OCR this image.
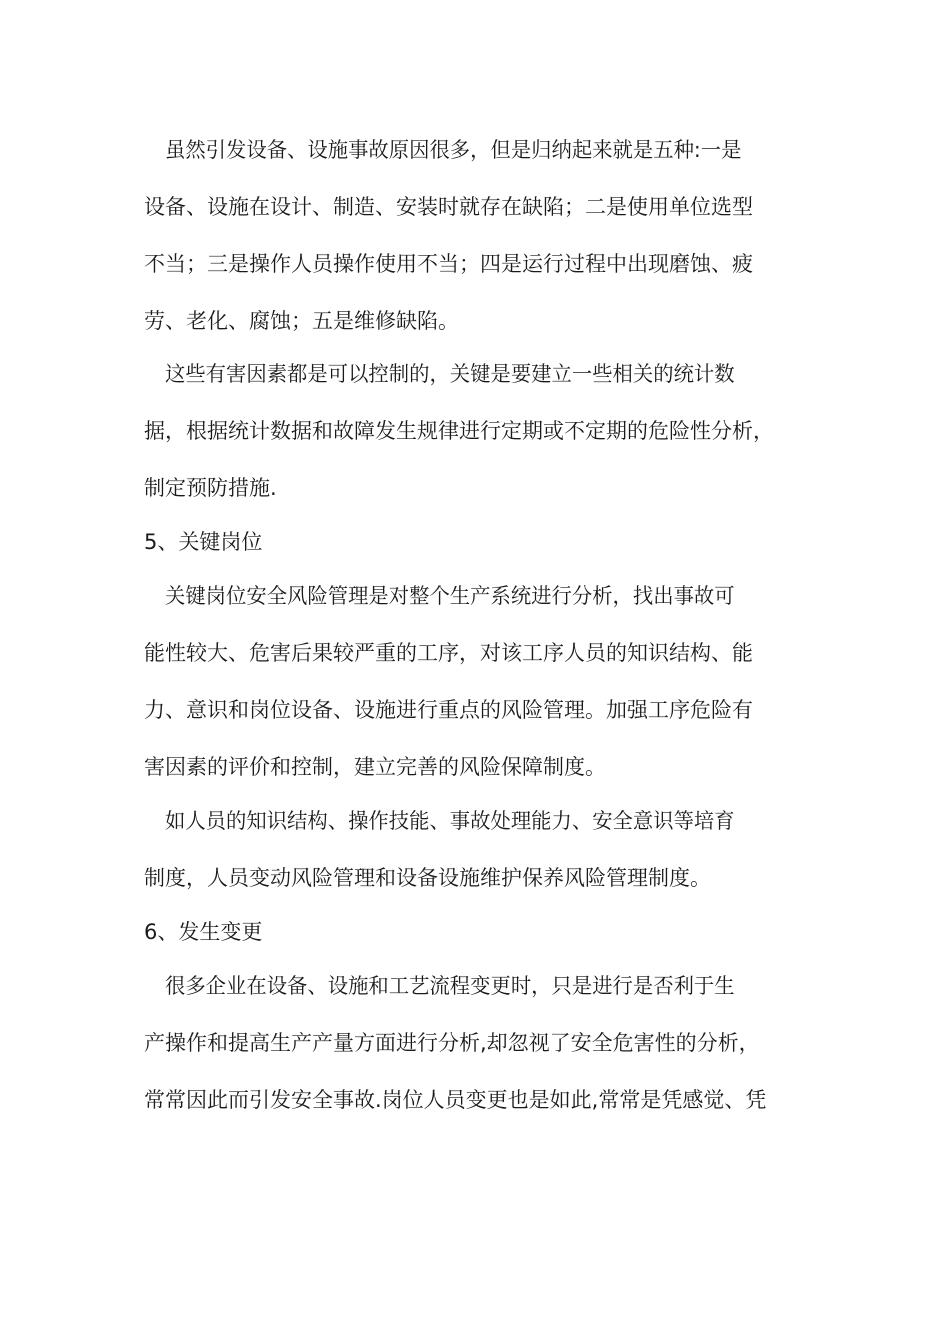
虽然引发设备、设施事故原因很多，但是归纳起来就是五种:一是
设备、设施在设计、制造、安装时就存在缺陷；二是使用单位选型
不当；三是操作人员操作使用不当；四是运行过程中出现磨蚀、疲
劳、老化、腐蚀；五是维修缺陷。
这些有害因素都是可以控制的，关键是要建立一些相关的统计数
据，根据统计数据和故障发生规律进行定期或不定期的危险性分析，
制定预防措施.
5、关键岗位
关键岗位安全风险管理是对整个生产系统进行分析，找出事故可
能性较大、危害后果较严重的工序，对该工序人员的知识结构、能
力、意识和岗位设备、设施进行重点的风险管理。加强工序危险有
害因素的评价和控制，建立完善的风险保障制度。
如人员的知识结构、操作技能、事故处理能力、安全意识等培育
制度，人员变动风险管理和设备设施维护保养风险管理制度。
6、发生变更
很多企业在设备、设施和工艺流程变更时，只是进行是否利于生
产操作和提高生产产量方面进行分析,却忽视了安全危害性的分析，
常常因此而引发安全事故.岗位人员变更也是如此,常常是凭感觉、凭
